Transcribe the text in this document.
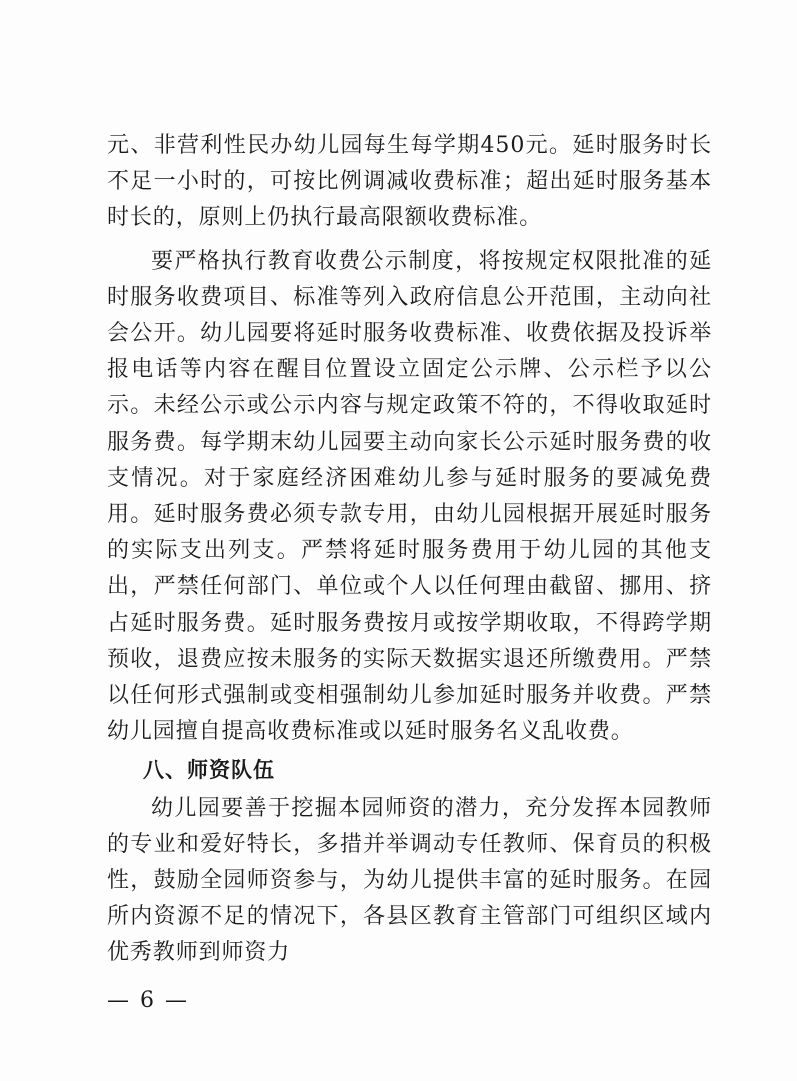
元、非营利性民办幼儿园每生每学期450元。延时服务时长不足一小时的，可按比例调减收费标准；超出延时服务基本时长的，原则上仍执行最高限额收费标准。

要严格执行教育收费公示制度，将按规定权限批准的延时服务收费项目、标准等列入政府信息公开范围，主动向社会公开。幼儿园要将延时服务收费标准、收费依据及投诉举报电话等内容在醒目位置设立固定公示牌、公示栏予以公示。未经公示或公示内容与规定政策不符的，不得收取延时服务费。每学期末幼儿园要主动向家长公示延时服务费的收支情况。对于家庭经济困难幼儿参与延时服务的要减免费用。延时服务费必须专款专用，由幼儿园根据开展延时服务的实际支出列支。严禁将延时服务费用于幼儿园的其他支出，严禁任何部门、单位或个人以任何理由截留、挪用、挤占延时服务费。延时服务费按月或按学期收取，不得跨学期预收，退费应按未服务的实际天数据实退还所缴费用。严禁以任何形式强制或变相强制幼儿参加延时服务并收费。严禁幼儿园擅自提高收费标准或以延时服务名义乱收费。

八、师资队伍

幼儿园要善于挖掘本园师资的潜力，充分发挥本园教师的专业和爱好特长，多措并举调动专任教师、保育员的积极性，鼓励全园师资参与，为幼儿提供丰富的延时服务。在园所内资源不足的情况下，各县区教育主管部门可组织区域内优秀教师到师资力

— 6 —
